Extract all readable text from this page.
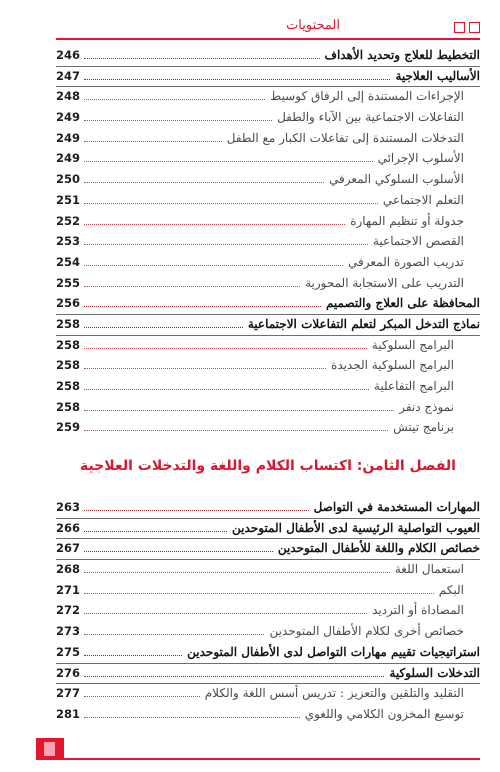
المحتويات
التخطيط للعلاج وتحديد الأهداف
246
الأساليب العلاجية
247
الإجراءات المستندة إلى الرفاق كوسيط
248
التفاعلات الاجتماعية بين الآباء والطفل
249
التدخلات المستندة إلى تفاعلات الكبار مع الطفل
249
الأسلوب الإجرائي
249
الأسلوب السلوكي المعرفي
250
التعلم الاجتماعي
251
جدولة أو تنظيم المهارة
252
القصص الاجتماعية
253
تدريب الصورة المعرفي
254
التدريب على الاستجابة المحورية
255
المحافظة على العلاج والتصميم
256
نماذج التدخل المبكر لتعلم التفاعلات الاجتماعية
258
البرامج السلوكية
258
البرامج السلوكية الجديدة
258
البرامج التفاعلية
258
نموذج دنفر
258
برنامج تيتش
259
الفصل الثامن: اكتساب الكلام واللغة والتدخلات العلاجية
المهارات المستخدمة في التواصل
263
العيوب التواصلية الرئيسية لدى الأطفال المتوحدين
266
خصائص الكلام واللغة للأطفال المتوحدين
267
استعمال اللغة
268
البكم
271
المصاداة أو الترديد
272
خصائص أخرى لكلام الأطفال المتوحدين
273
استراتيجيات تقييم مهارات التواصل لدى الأطفال المتوحدين
275
التدخلات السلوكية
276
التقليد والتلقين والتعزيز : تدريس أسس اللغة والكلام
277
توسيع المخزون الكلامي واللغوي
281
